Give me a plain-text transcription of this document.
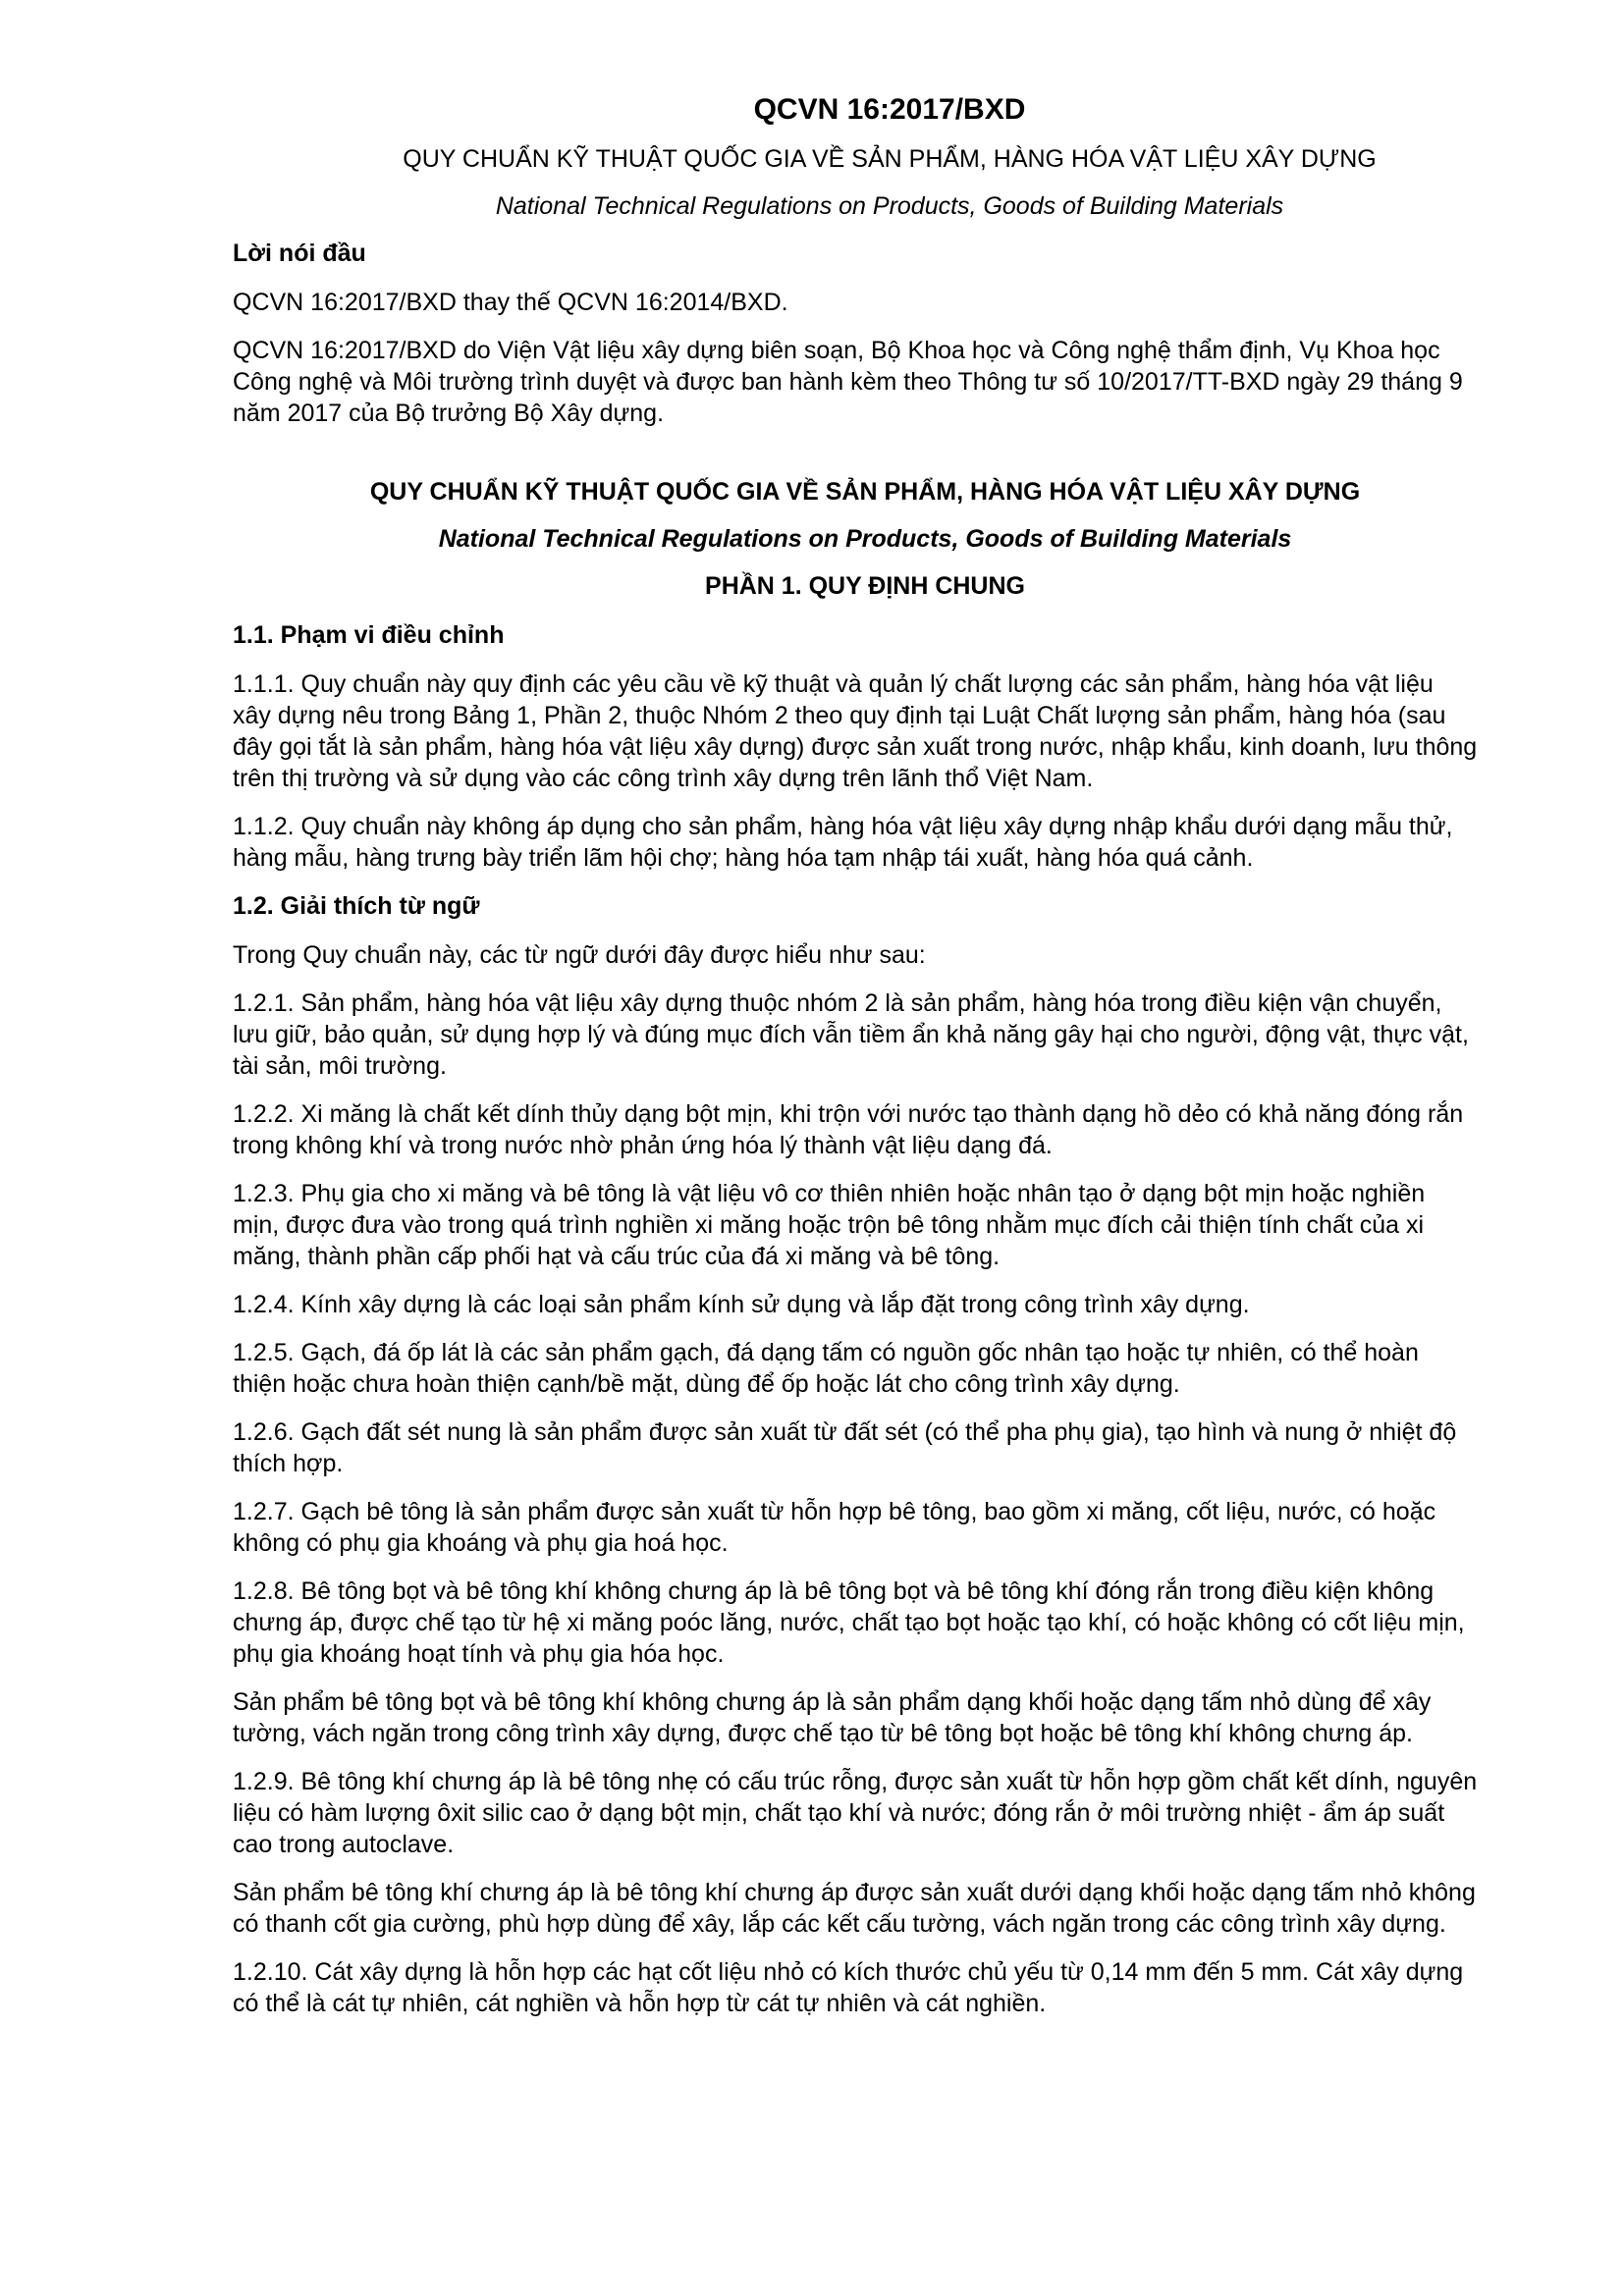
QCVN 16:2017/BXD
QUY CHUẨN KỸ THUẬT QUỐC GIA VỀ SẢN PHẨM, HÀNG HÓA VẬT LIỆU XÂY DỰNG
National Technical Regulations on Products, Goods of Building Materials
Lời nói đầu

QCVN 16:2017/BXD thay thế QCVN 16:2014/BXD.

QCVN 16:2017/BXD do Viện Vật liệu xây dựng biên soạn, Bộ Khoa học và Công nghệ thẩm định, Vụ Khoa học Công nghệ và Môi trường trình duyệt và được ban hành kèm theo Thông tư số 10/2017/TT-BXD ngày 29 tháng 9 năm 2017 của Bộ trưởng Bộ Xây dựng.

QUY CHUẨN KỸ THUẬT QUỐC GIA VỀ SẢN PHẨM, HÀNG HÓA VẬT LIỆU XÂY DỰNG
National Technical Regulations on Products, Goods of Building Materials
PHẦN 1. QUY ĐỊNH CHUNG
1.1. Phạm vi điều chỉnh

1.1.1. Quy chuẩn này quy định các yêu cầu về kỹ thuật và quản lý chất lượng các sản phẩm, hàng hóa vật liệu xây dựng nêu trong Bảng 1, Phần 2, thuộc Nhóm 2 theo quy định tại Luật Chất lượng sản phẩm, hàng hóa (sau đây gọi tắt là sản phẩm, hàng hóa vật liệu xây dựng) được sản xuất trong nước, nhập khẩu, kinh doanh, lưu thông trên thị trường và sử dụng vào các công trình xây dựng trên lãnh thổ Việt Nam.

1.1.2. Quy chuẩn này không áp dụng cho sản phẩm, hàng hóa vật liệu xây dựng nhập khẩu dưới dạng mẫu thử, hàng mẫu, hàng trưng bày triển lãm hội chợ; hàng hóa tạm nhập tái xuất, hàng hóa quá cảnh.

1.2. Giải thích từ ngữ

Trong Quy chuẩn này, các từ ngữ dưới đây được hiểu như sau:

1.2.1. Sản phẩm, hàng hóa vật liệu xây dựng thuộc nhóm 2 là sản phẩm, hàng hóa trong điều kiện vận chuyển, lưu giữ, bảo quản, sử dụng hợp lý và đúng mục đích vẫn tiềm ẩn khả năng gây hại cho người, động vật, thực vật, tài sản, môi trường.

1.2.2. Xi măng là chất kết dính thủy dạng bột mịn, khi trộn với nước tạo thành dạng hồ dẻo có khả năng đóng rắn trong không khí và trong nước nhờ phản ứng hóa lý thành vật liệu dạng đá.

1.2.3. Phụ gia cho xi măng và bê tông là vật liệu vô cơ thiên nhiên hoặc nhân tạo ở dạng bột mịn hoặc nghiền mịn, được đưa vào trong quá trình nghiền xi măng hoặc trộn bê tông nhằm mục đích cải thiện tính chất của xi măng, thành phần cấp phối hạt và cấu trúc của đá xi măng và bê tông.

1.2.4. Kính xây dựng là các loại sản phẩm kính sử dụng và lắp đặt trong công trình xây dựng.

1.2.5. Gạch, đá ốp lát là các sản phẩm gạch, đá dạng tấm có nguồn gốc nhân tạo hoặc tự nhiên, có thể hoàn thiện hoặc chưa hoàn thiện cạnh/bề mặt, dùng để ốp hoặc lát cho công trình xây dựng.

1.2.6. Gạch đất sét nung là sản phẩm được sản xuất từ đất sét (có thể pha phụ gia), tạo hình và nung ở nhiệt độ thích hợp.

1.2.7. Gạch bê tông là sản phẩm được sản xuất từ hỗn hợp bê tông, bao gồm xi măng, cốt liệu, nước, có hoặc không có phụ gia khoáng và phụ gia hoá học.

1.2.8. Bê tông bọt và bê tông khí không chưng áp là bê tông bọt và bê tông khí đóng rắn trong điều kiện không chưng áp, được chế tạo từ hệ xi măng poóc lăng, nước, chất tạo bọt hoặc tạo khí, có hoặc không có cốt liệu mịn, phụ gia khoáng hoạt tính và phụ gia hóa học.

Sản phẩm bê tông bọt và bê tông khí không chưng áp là sản phẩm dạng khối hoặc dạng tấm nhỏ dùng để xây tường, vách ngăn trong công trình xây dựng, được chế tạo từ bê tông bọt hoặc bê tông khí không chưng áp.

1.2.9. Bê tông khí chưng áp là bê tông nhẹ có cấu trúc rỗng, được sản xuất từ hỗn hợp gồm chất kết dính, nguyên liệu có hàm lượng ôxit silic cao ở dạng bột mịn, chất tạo khí và nước; đóng rắn ở môi trường nhiệt - ẩm áp suất cao trong autoclave.

Sản phẩm bê tông khí chưng áp là bê tông khí chưng áp được sản xuất dưới dạng khối hoặc dạng tấm nhỏ không có thanh cốt gia cường, phù hợp dùng để xây, lắp các kết cấu tường, vách ngăn trong các công trình xây dựng.

1.2.10. Cát xây dựng là hỗn hợp các hạt cốt liệu nhỏ có kích thước chủ yếu từ 0,14 mm đến 5 mm. Cát xây dựng có thể là cát tự nhiên, cát nghiền và hỗn hợp từ cát tự nhiên và cát nghiền.
